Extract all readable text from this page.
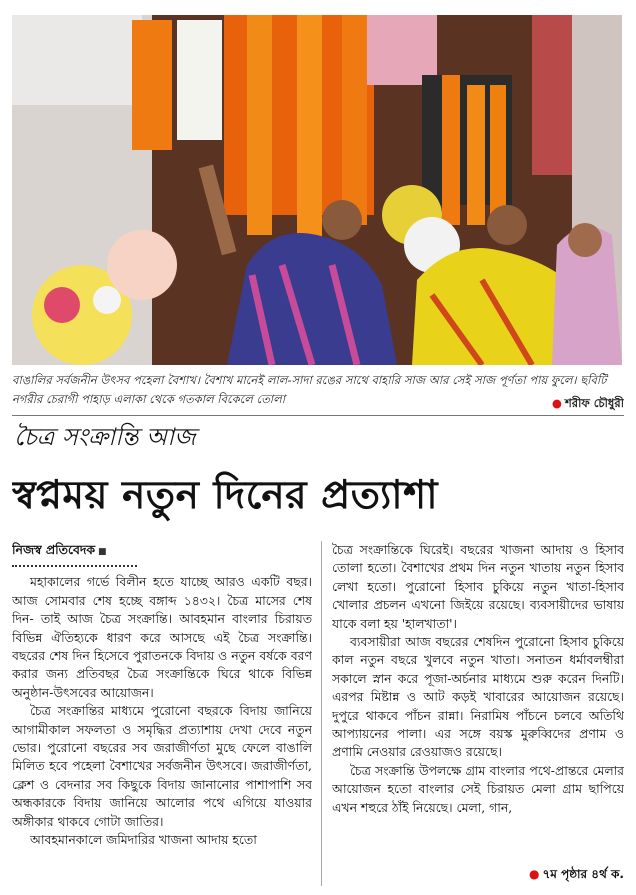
বাঙালির সর্বজনীন উৎসব পহেলা বৈশাখ। বৈশাখ মানেই লাল-সাদা রঙের সাথে বাহারি সাজ আর সেই সাজ পূর্ণতা পায় ফুলে। ছবিটি নগরীর চেরাগী পাহাড় এলাকা থেকে গতকাল বিকেলে তোলা	● শরীফ চৌধুরী
চৈত্র সংক্রান্তি আজ
স্বপ্নময় নতুন দিনের প্রত্যাশা

নিজস্ব প্রতিবেদক ■

মহাকালের গর্ভে বিলীন হতে যাচ্ছে আরও একটি বছর। আজ সোমবার শেষ হচ্ছে বঙ্গাব্দ ১৪৩২। চৈত্র মাসের শেষ দিন- তাই আজ চৈত্র সংক্রান্তি। আবহমান বাংলার চিরায়ত বিভিন্ন ঐতিহ্যকে ধারণ করে আসছে এই চৈত্র সংক্রান্তি। বছরের শেষ দিন হিসেবে পুরাতনকে বিদায় ও নতুন বর্ষকে বরণ করার জন্য প্রতিবছর চৈত্র সংক্রান্তিকে ঘিরে থাকে বিভিন্ন অনুষ্ঠান-উৎসবের আয়োজন।

চৈত্র সংক্রান্তির মাধ্যমে পুরোনো বছরকে বিদায় জানিয়ে আগামীকাল সফলতা ও সমৃদ্ধির প্রত্যাশায় দেখা দেবে নতুন ভোর। পুরোনো বছরের সব জরাজীর্ণতা মুছে ফেলে বাঙালি মিলিত হবে পহেলা বৈশাখের সর্বজনীন উৎসবে। জরাজীর্ণতা, ক্লেশ ও বেদনার সব কিছুকে বিদায় জানানোর পাশাপাশি সব অন্ধকারকে বিদায় জানিয়ে আলোর পথে এগিয়ে যাওয়ার অঙ্গীকার থাকবে গোটা জাতির।

আবহমানকালে জমিদারির খাজনা আদায় হতো

চৈত্র সংক্রান্তিকে ঘিরেই। বছরের খাজনা আদায় ও হিসাব তোলা হতো। বৈশাখের প্রথম দিন নতুন খাতায় নতুন হিসাব লেখা হতো। পুরোনো হিসাব চুকিয়ে নতুন খাতা-হিসাব খোলার প্রচলন এখনো জিইয়ে রয়েছে। ব্যবসায়ীদের ভাষায় যাকে বলা হয় 'হালখাতা'।

ব্যবসায়ীরা আজ বছরের শেষদিন পুরোনো হিসাব চুকিয়ে কাল নতুন বছরে খুলবে নতুন খাতা। সনাতন ধর্মাবলম্বীরা সকালে স্নান করে পূজা-অর্চনার মাধ্যমে শুরু করেন দিনটি। এরপর মিষ্টান্ন ও আট কড়ই খাবারের আয়োজন রয়েছে। দুপুরে থাকবে পাঁচন রান্না। নিরামিষ পাঁচনে চলবে অতিথি আপ্যায়নের পালা। এর সঙ্গে বয়স্ক মুরুব্বিদের প্রণাম ও প্রণামি নেওয়ার রেওয়াজও রয়েছে।

চৈত্র সংক্রান্তি উপলক্ষে গ্রাম বাংলার পথে-প্রান্তরে মেলার আয়োজন হতো বাংলার সেই চিরায়ত মেলা গ্রাম ছাপিয়ে এখন শহুরে ঠাঁই নিয়েছে। মেলা, গান,

● ৭ম পৃষ্ঠার ৪র্থ ক.
